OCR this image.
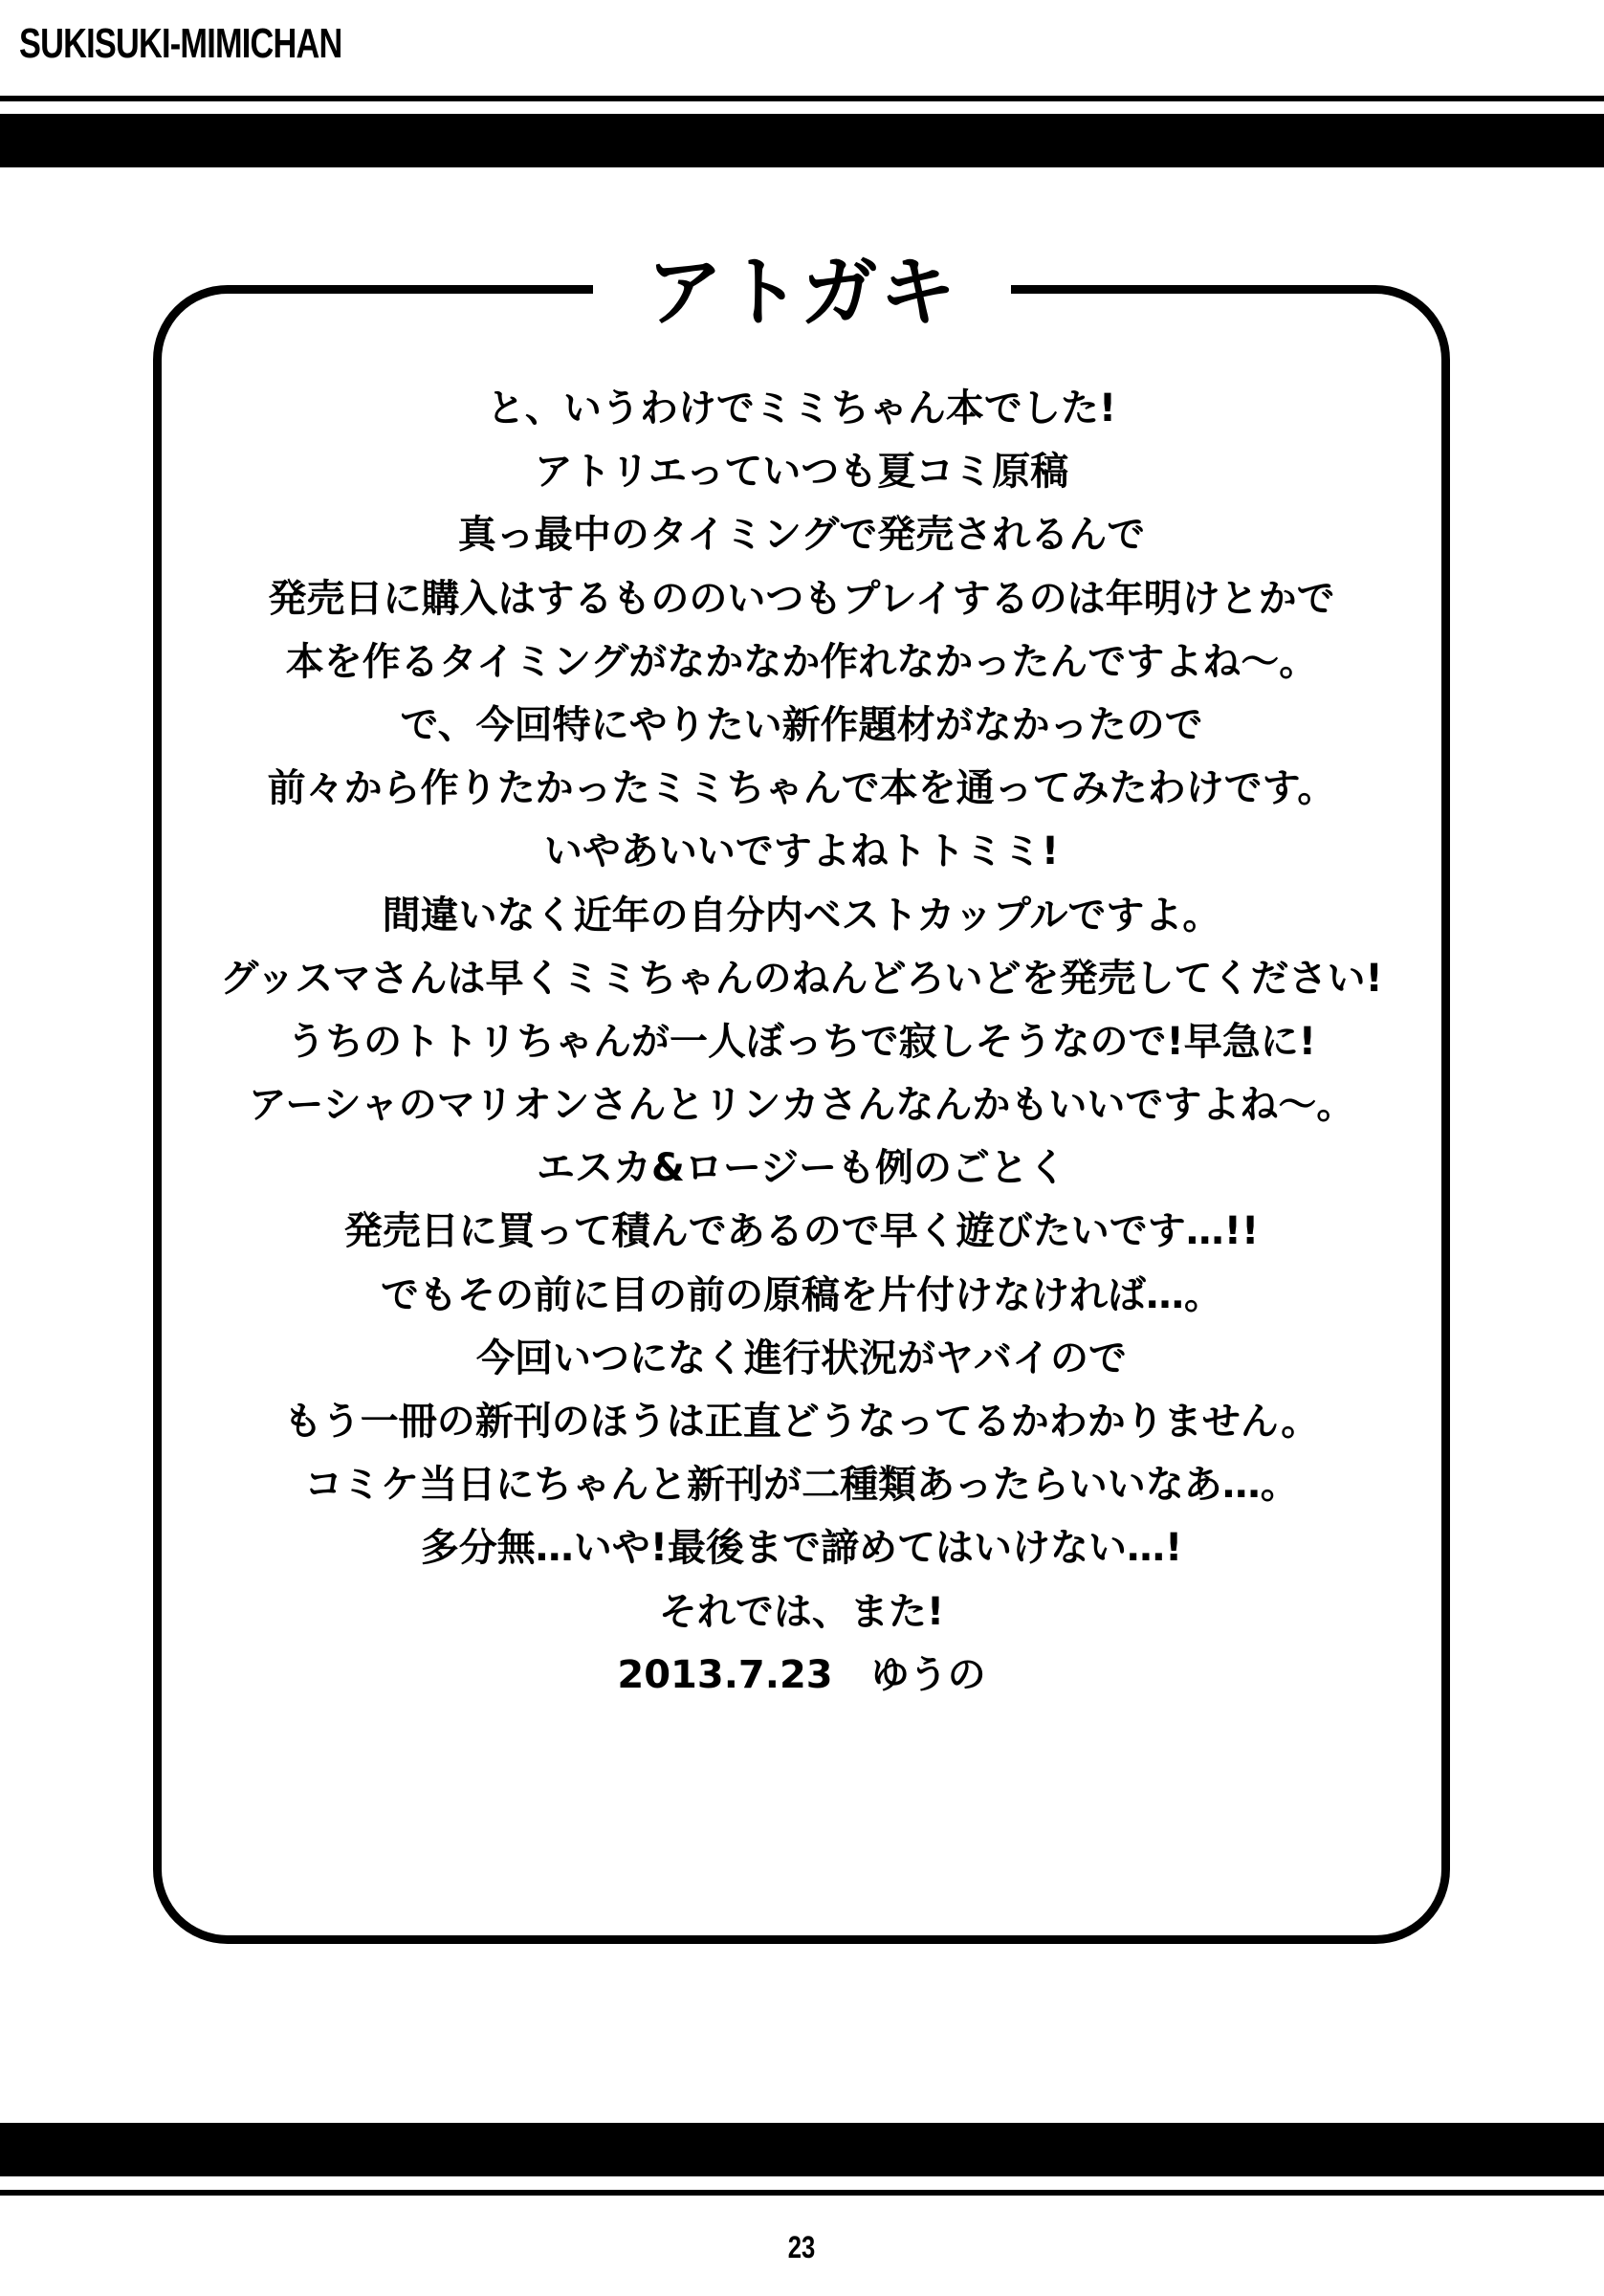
SUKISUKI-MIMICHAN
アトガキ
と、いうわけでミミちゃん本でした!
アトリエっていつも夏コミ原稿
真っ最中のタイミングで発売されるんで
発売日に購入はするもののいつもプレイするのは年明けとかで
本を作るタイミングがなかなか作れなかったんですよね～。
で、今回特にやりたい新作題材がなかったので
前々から作りたかったミミちゃんで本を通ってみたわけです。
いやあいいですよねトトミミ!
間違いなく近年の自分内ベストカップルですよ。
グッスマさんは早くミミちゃんのねんどろいどを発売してください!
うちのトトリちゃんが一人ぼっちで寂しそうなので!早急に!
アーシャのマリオンさんとリンカさんなんかもいいですよね～。
エスカ&ロージーも例のごとく
発売日に買って積んであるので早く遊びたいです…!!
でもその前に目の前の原稿を片付けなければ…。
今回いつになく進行状況がヤバイので
もう一冊の新刊のほうは正直どうなってるかわかりません。
コミケ当日にちゃんと新刊が二種類あったらいいなあ…。
多分無…いや!最後まで諦めてはいけない…!
それでは、また!
2013.7.23　ゆうの
23
